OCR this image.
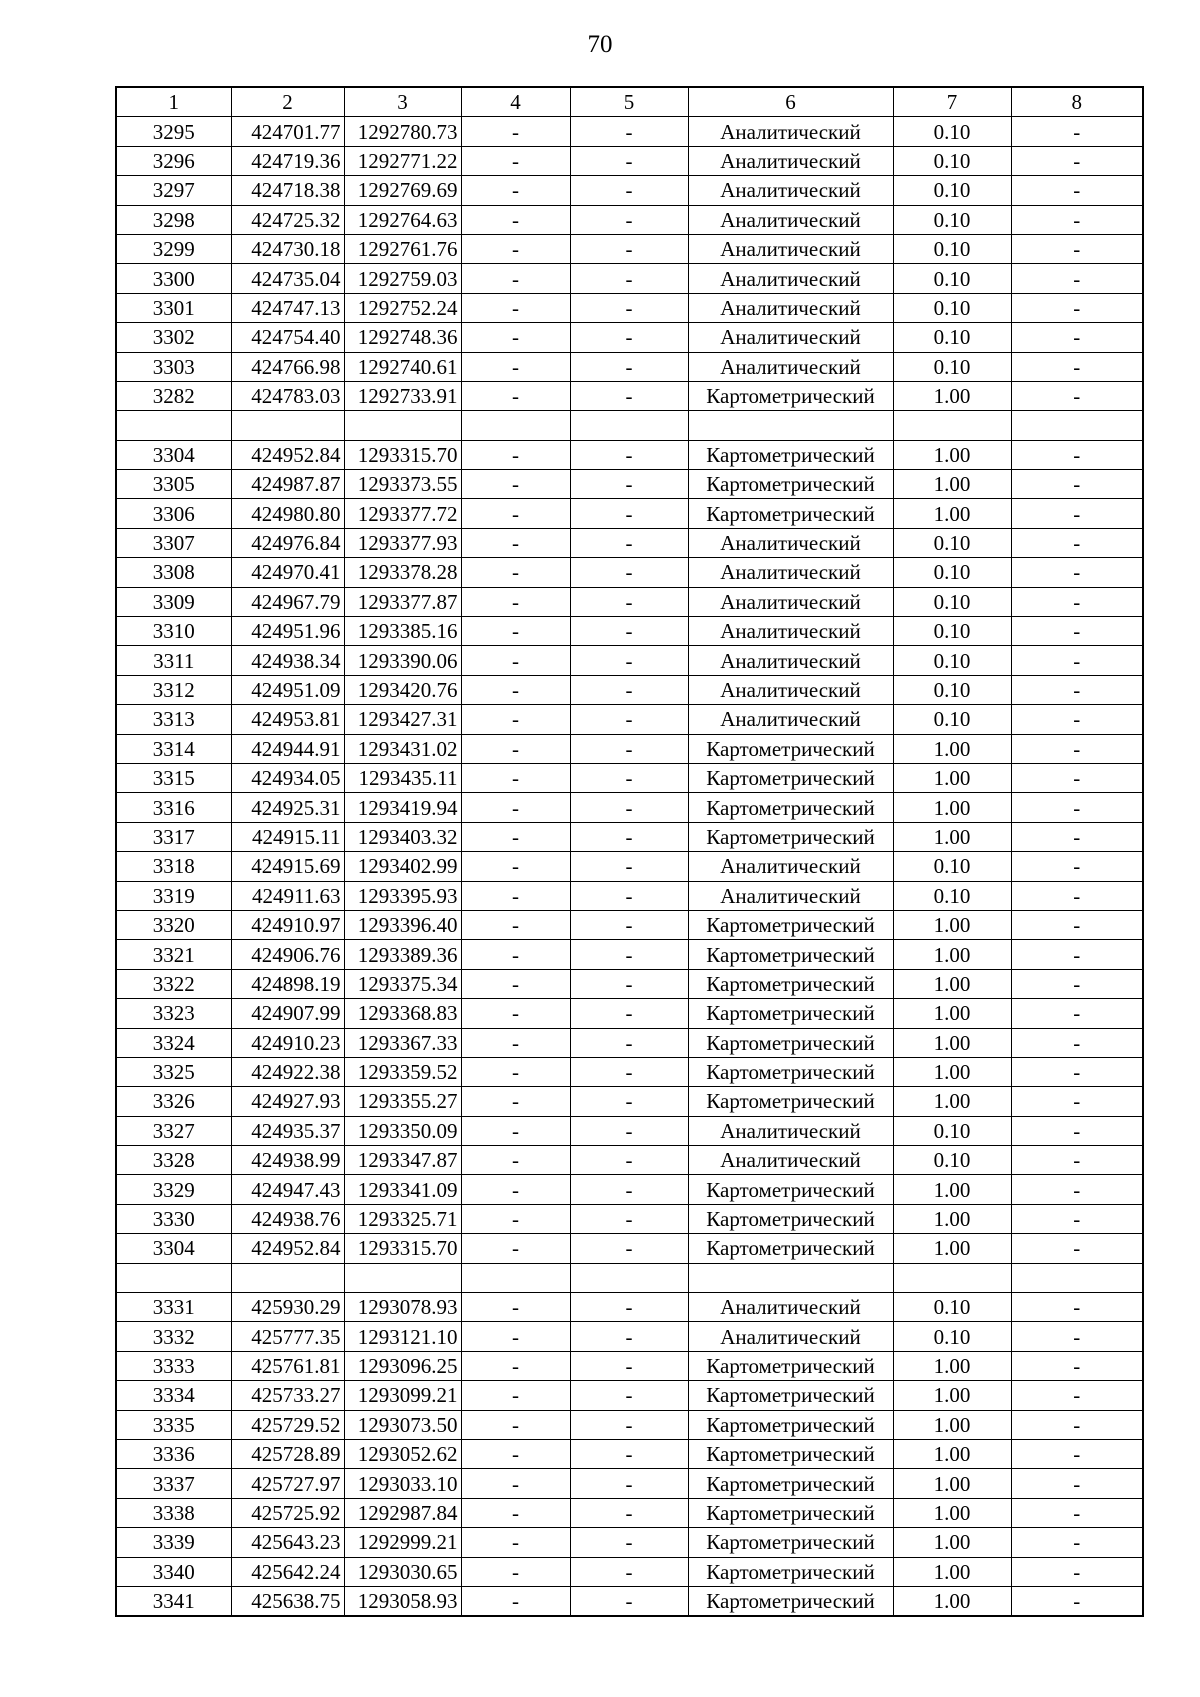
70
1	2	3	4	5	6	7	8
3295	424701.77	1292780.73	-	-	Аналитический	0.10	-
3296	424719.36	1292771.22	-	-	Аналитический	0.10	-
3297	424718.38	1292769.69	-	-	Аналитический	0.10	-
3298	424725.32	1292764.63	-	-	Аналитический	0.10	-
3299	424730.18	1292761.76	-	-	Аналитический	0.10	-
3300	424735.04	1292759.03	-	-	Аналитический	0.10	-
3301	424747.13	1292752.24	-	-	Аналитический	0.10	-
3302	424754.40	1292748.36	-	-	Аналитический	0.10	-
3303	424766.98	1292740.61	-	-	Аналитический	0.10	-
3282	424783.03	1292733.91	-	-	Картометрический	1.00	-

3304	424952.84	1293315.70	-	-	Картометрический	1.00	-
3305	424987.87	1293373.55	-	-	Картометрический	1.00	-
3306	424980.80	1293377.72	-	-	Картометрический	1.00	-
3307	424976.84	1293377.93	-	-	Аналитический	0.10	-
3308	424970.41	1293378.28	-	-	Аналитический	0.10	-
3309	424967.79	1293377.87	-	-	Аналитический	0.10	-
3310	424951.96	1293385.16	-	-	Аналитический	0.10	-
3311	424938.34	1293390.06	-	-	Аналитический	0.10	-
3312	424951.09	1293420.76	-	-	Аналитический	0.10	-
3313	424953.81	1293427.31	-	-	Аналитический	0.10	-
3314	424944.91	1293431.02	-	-	Картометрический	1.00	-
3315	424934.05	1293435.11	-	-	Картометрический	1.00	-
3316	424925.31	1293419.94	-	-	Картометрический	1.00	-
3317	424915.11	1293403.32	-	-	Картометрический	1.00	-
3318	424915.69	1293402.99	-	-	Аналитический	0.10	-
3319	424911.63	1293395.93	-	-	Аналитический	0.10	-
3320	424910.97	1293396.40	-	-	Картометрический	1.00	-
3321	424906.76	1293389.36	-	-	Картометрический	1.00	-
3322	424898.19	1293375.34	-	-	Картометрический	1.00	-
3323	424907.99	1293368.83	-	-	Картометрический	1.00	-
3324	424910.23	1293367.33	-	-	Картометрический	1.00	-
3325	424922.38	1293359.52	-	-	Картометрический	1.00	-
3326	424927.93	1293355.27	-	-	Картометрический	1.00	-
3327	424935.37	1293350.09	-	-	Аналитический	0.10	-
3328	424938.99	1293347.87	-	-	Аналитический	0.10	-
3329	424947.43	1293341.09	-	-	Картометрический	1.00	-
3330	424938.76	1293325.71	-	-	Картометрический	1.00	-
3304	424952.84	1293315.70	-	-	Картометрический	1.00	-

3331	425930.29	1293078.93	-	-	Аналитический	0.10	-
3332	425777.35	1293121.10	-	-	Аналитический	0.10	-
3333	425761.81	1293096.25	-	-	Картометрический	1.00	-
3334	425733.27	1293099.21	-	-	Картометрический	1.00	-
3335	425729.52	1293073.50	-	-	Картометрический	1.00	-
3336	425728.89	1293052.62	-	-	Картометрический	1.00	-
3337	425727.97	1293033.10	-	-	Картометрический	1.00	-
3338	425725.92	1292987.84	-	-	Картометрический	1.00	-
3339	425643.23	1292999.21	-	-	Картометрический	1.00	-
3340	425642.24	1293030.65	-	-	Картометрический	1.00	-
3341	425638.75	1293058.93	-	-	Картометрический	1.00	-
